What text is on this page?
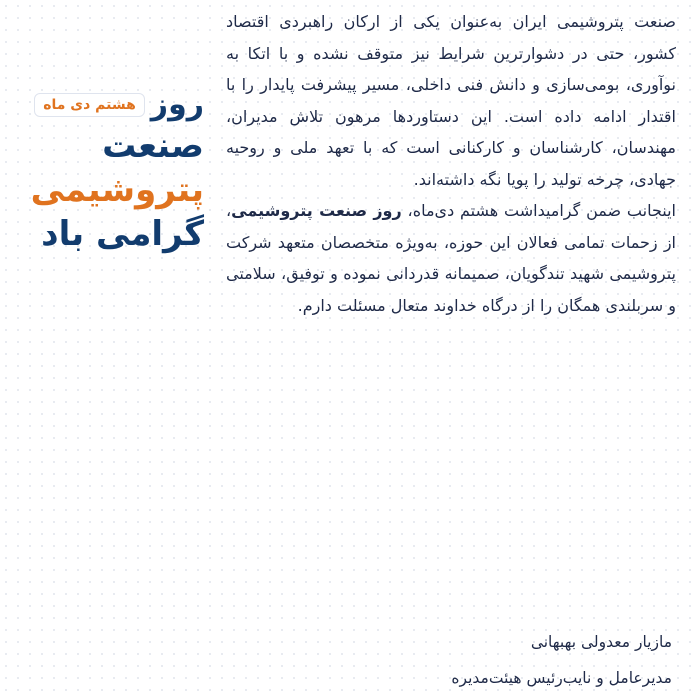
روز
هشتم دی ماه
صنعت
پتروشیمی
گرامی باد

صنعت پتروشیمی ایران به‌عنوان یکی از ارکان راهبردی اقتصاد کشور، حتی در دشوارترین شرایط نیز متوقف نشده و با اتکا به نوآوری، بومی‌سازی و دانش فنی داخلی، مسیر پیشرفت پایدار را با اقتدار ادامه داده است. این دستاوردها مرهون تلاش مدیران، مهندسان، کارشناسان و کارکنانی است که با تعهد ملی و روحیه جهادی، چرخه تولید را پویا نگه داشته‌اند.

اینجانب ضمن گرامیداشت هشتم دی‌ماه، روز صنعت پتروشیمی، از زحمات تمامی فعالان این حوزه، به‌ویژه متخصصان متعهد شرکت پتروشیمی شهید تندگویان، صمیمانه قدردانی نموده و توفیق، سلامتی و سربلندی همگان را از درگاه خداوند متعال مسئلت دارم.

مازیار معدولی بهبهانی
مدیرعامل و نایب‌رئیس هیئت‌مدیره
